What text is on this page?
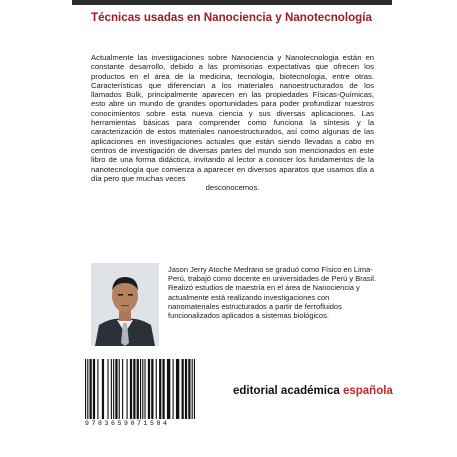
Técnicas usadas en Nanociencia y Nanotecnología
Actualmente las investigaciones sobre Nanociencia y Nanotecnologia están en constante desarrollo, debido a las promisorias expectativas que ofrecen los productos en el área de la medicina, tecnologia, biotecnologia, entre otras. Características que diferencian a los materiales nanoestructurados de los llamados Bulk, principalmente aparecen en las propiedades Físicas-Químicas, esto abre un mundo de grandes oportunidades para poder profundizar nuestros conocimientos sobre esta nueva ciencia y sus diversas aplicaciones. Las herramientas básicas para comprender como funciona la síntesis y la caracterización de estos materiales nanoestructurados, así como algunas de las aplicaciones en investigaciones actuales que están siendo llevadas a cabo en centros de investigación de diversas partes del mundo son mencionados en este libro de una forma didáctica, invitando al lector a conocer los fundamentos de la nanotecnología que comienza a aparecer en diversos aparatos que usamos día a día pero que muchas veces
desconocemos.
Jason Jerry Atoche Medrano se graduó como Físico en Lima-Perú, trabajó como docente en universidades de Perú y Brasil. Realizó estudios de maestría en el área de Nanociencia y actualmente está realizando investigaciones con nanomateriales estructurados a partir de ferrofluidos funcionalizados aplicados a sistemas biológicos.
9783659071584
editorial académica española
